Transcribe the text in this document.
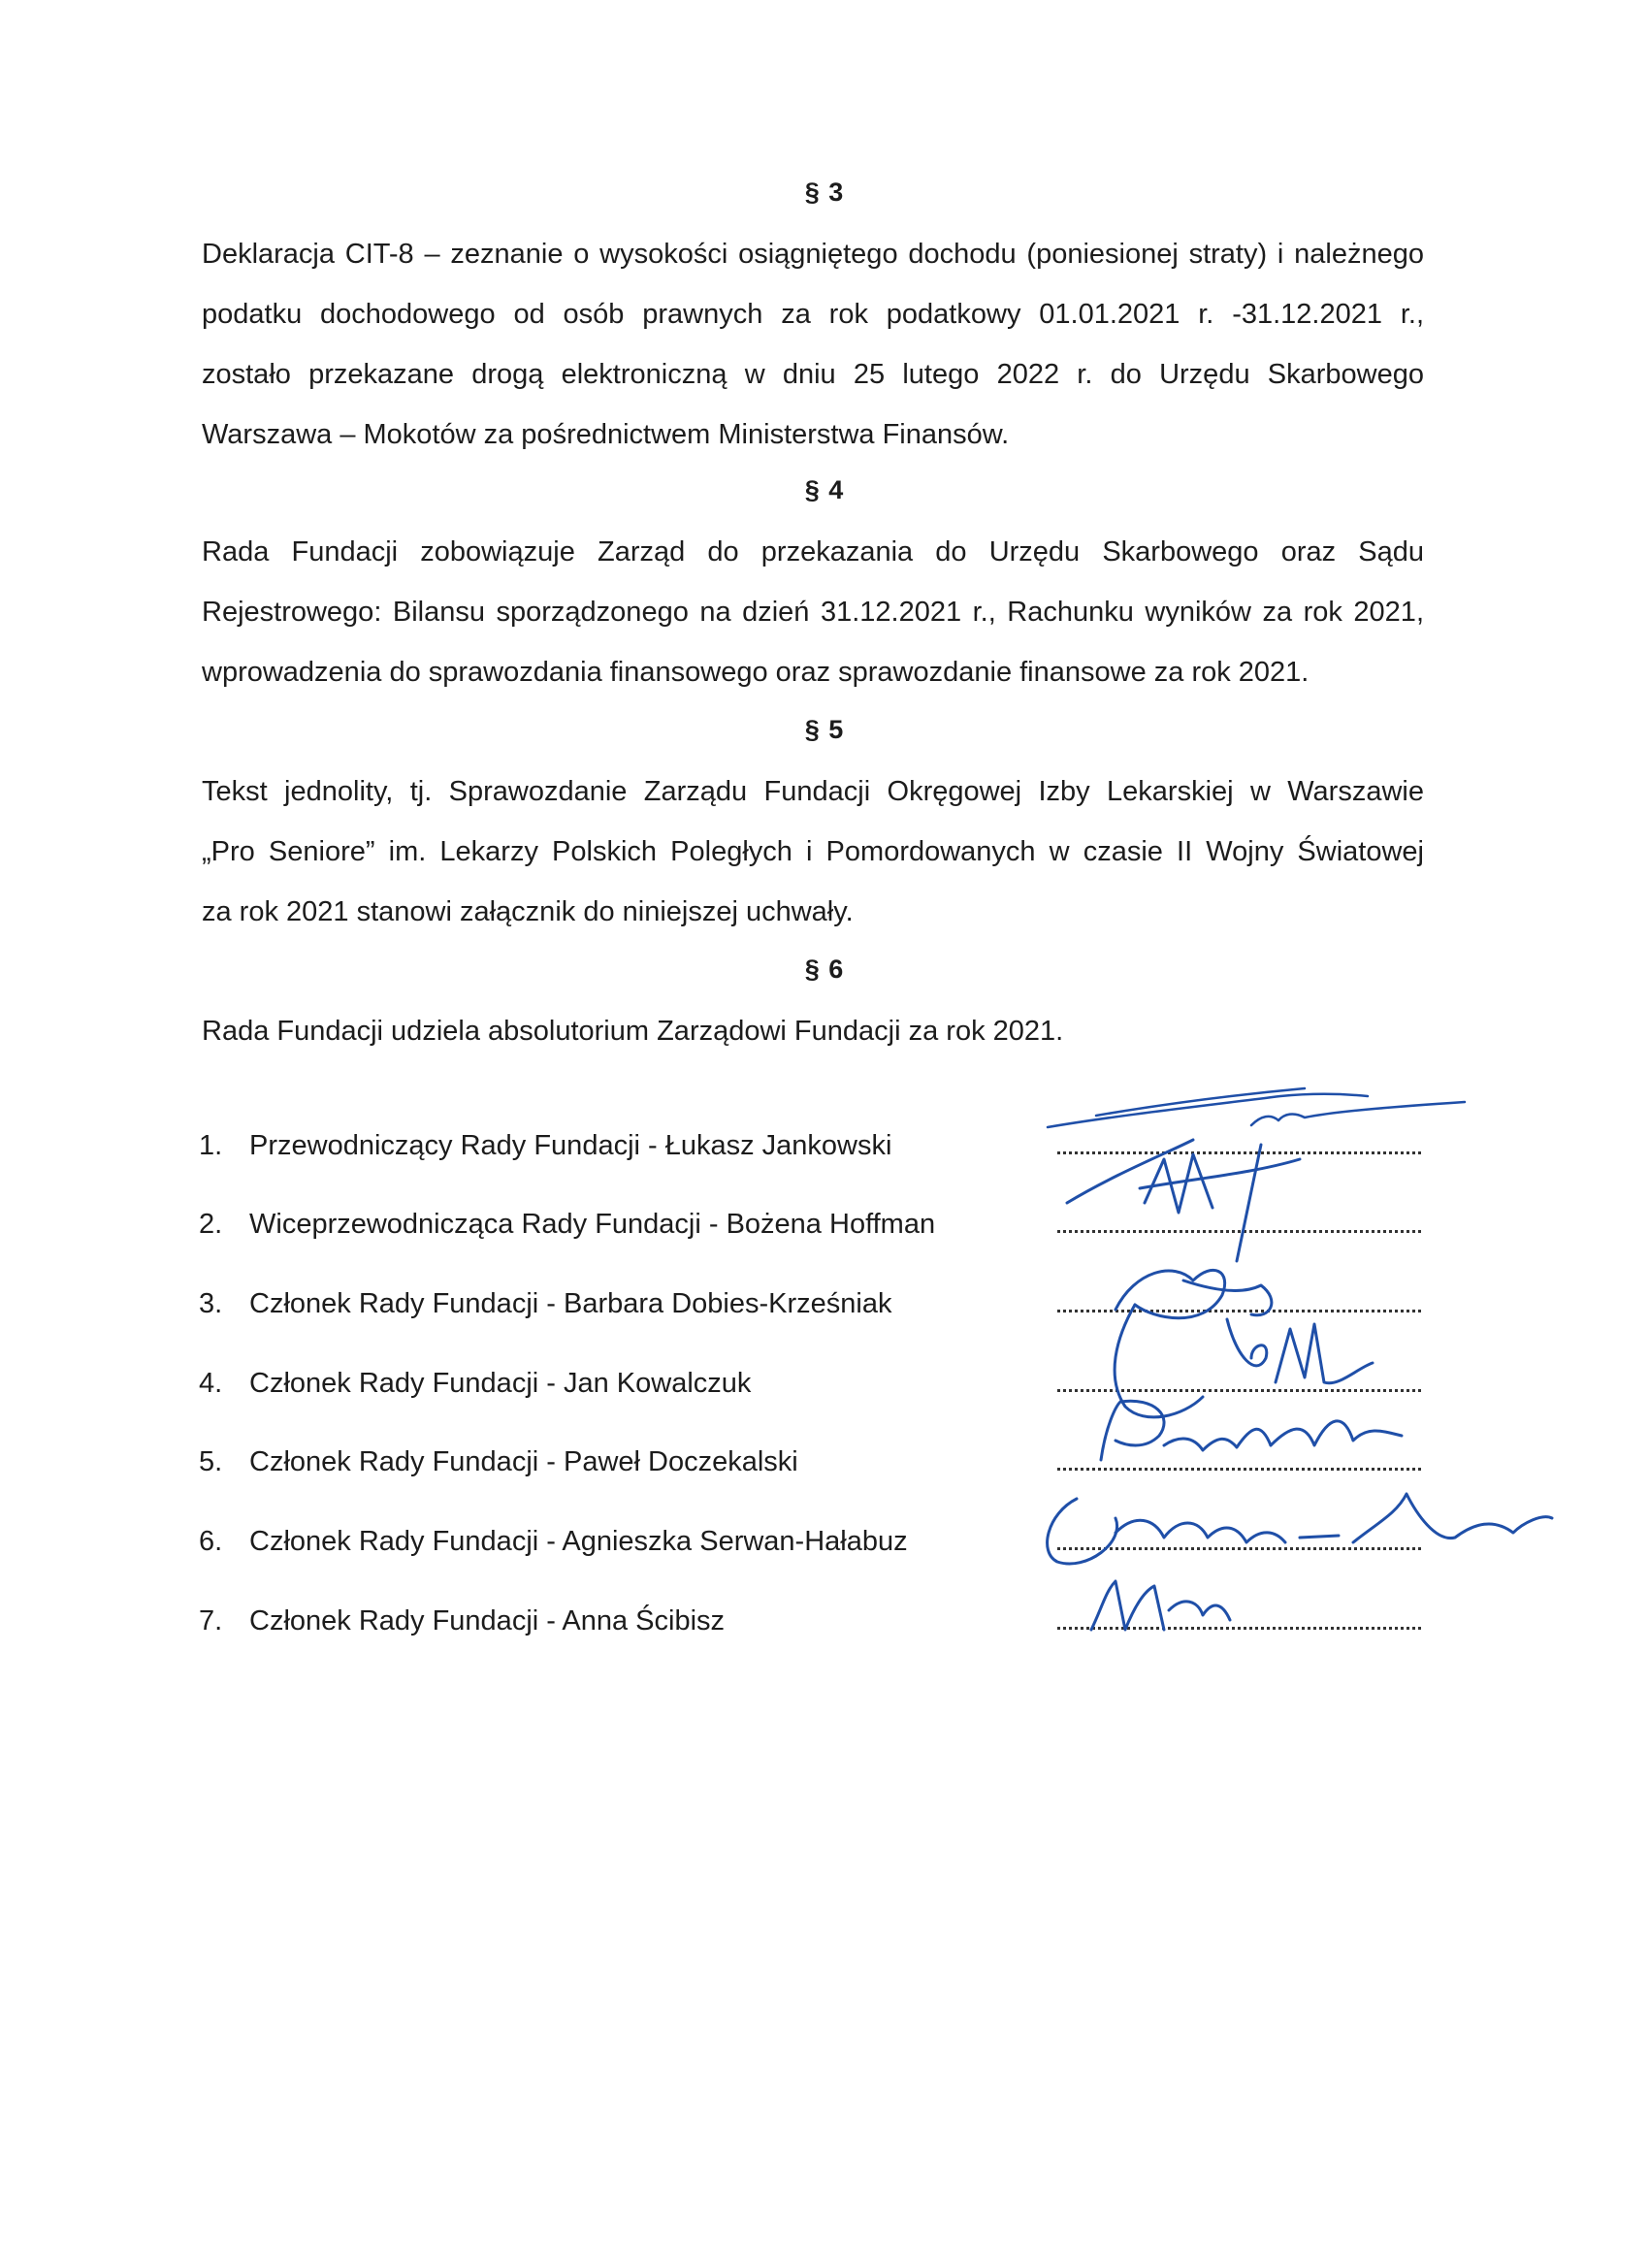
§ 3
Deklaracja CIT-8 – zeznanie o wysokości osiągniętego dochodu (poniesionej straty) i należnego
podatku dochodowego od osób prawnych za rok podatkowy 01.01.2021 r. -31.12.2021 r.,
zostało przekazane drogą elektroniczną w dniu 25 lutego 2022 r. do Urzędu Skarbowego
Warszawa – Mokotów za pośrednictwem Ministerstwa Finansów.
§ 4
Rada Fundacji zobowiązuje Zarząd do przekazania do Urzędu Skarbowego oraz Sądu
Rejestrowego: Bilansu sporządzonego na dzień 31.12.2021 r., Rachunku wyników za rok 2021,
wprowadzenia do sprawozdania finansowego oraz sprawozdanie finansowe za rok 2021.
§ 5
Tekst jednolity, tj. Sprawozdanie Zarządu Fundacji Okręgowej Izby Lekarskiej w Warszawie
„Pro Seniore” im. Lekarzy Polskich Poległych i Pomordowanych w czasie II Wojny Światowej
za rok 2021 stanowi załącznik do niniejszej uchwały.
§ 6
Rada Fundacji udziela absolutorium Zarządowi Fundacji za rok 2021.
1. Przewodniczący Rady Fundacji - Łukasz Jankowski
2. Wiceprzewodnicząca Rady Fundacji - Bożena Hoffman
3. Członek Rady Fundacji - Barbara Dobies-Krześniak
4. Członek Rady Fundacji - Jan Kowalczuk
5. Członek Rady Fundacji - Paweł Doczekalski
6. Członek Rady Fundacji - Agnieszka Serwan-Hałabuz
7. Członek Rady Fundacji - Anna Ścibisz
